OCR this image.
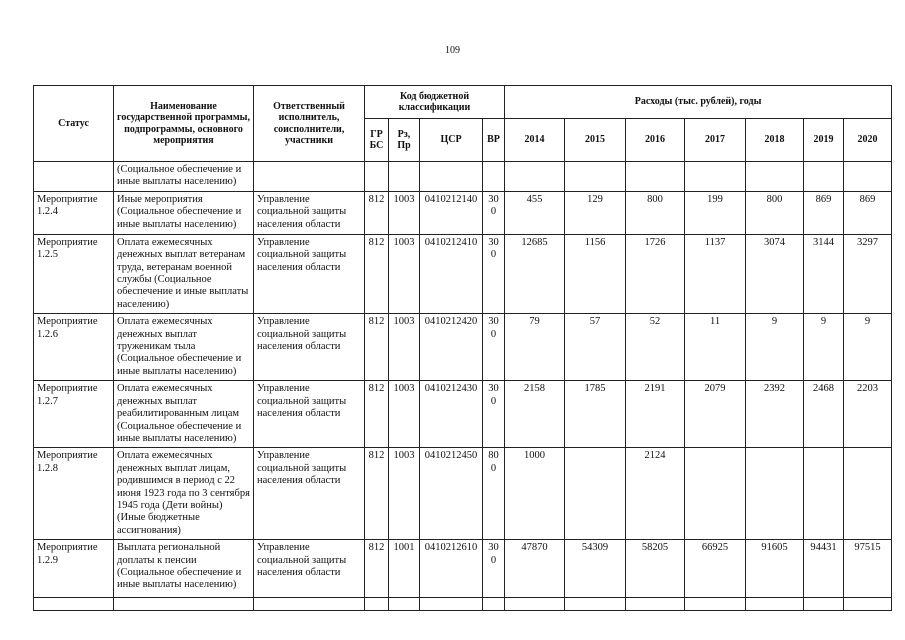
109
Статус	Наименование государственной программы, подпрограммы, основного мероприятия	Ответственный исполнитель, соисполнители, участники	Код бюджетной классификации				Расходы (тыс. рублей), годы						
			ГРБС	Рз, Пр	ЦСР	ВР	2014	2015	2016	2017	2018	2019	2020
	(Социальное обеспечение и иные выплаты населению)												
Мероприятие 1.2.4	Иные мероприятия (Социальное обеспечение и иные выплаты населению)	Управление социальной защиты населения области	812	1003	0410212140	300	455	129	800	199	800	869	869
Мероприятие 1.2.5	Оплата ежемесячных денежных выплат ветеранам труда, ветеранам военной службы (Социальное обеспечение и иные выплаты населению)	Управление социальной защиты населения области	812	1003	0410212410	300	12685	1156	1726	1137	3074	3144	3297
Мероприятие 1.2.6	Оплата ежемесячных денежных выплат труженикам тыла (Социальное обеспечение и иные выплаты населению)	Управление социальной защиты населения области	812	1003	0410212420	300	79	57	52	11	9	9	9
Мероприятие 1.2.7	Оплата ежемесячных денежных выплат реабилитированным лицам (Социальное обеспечение и иные выплаты населению)	Управление социальной защиты населения области	812	1003	0410212430	300	2158	1785	2191	2079	2392	2468	2203
Мероприятие 1.2.8	Оплата ежемесячных денежных выплат лицам, родившимся в период с 22 июня 1923 года по 3 сентября 1945 года (Дети войны) (Иные бюджетные ассигнования)	Управление социальной защиты населения области	812	1003	0410212450	800	1000		2124				
Мероприятие 1.2.9	Выплата региональной доплаты к пенсии (Социальное обеспечение и иные выплаты населению)	Управление социальной защиты населения области	812	1001	0410212610	300	47870	54309	58205	66925	91605	94431	97515
